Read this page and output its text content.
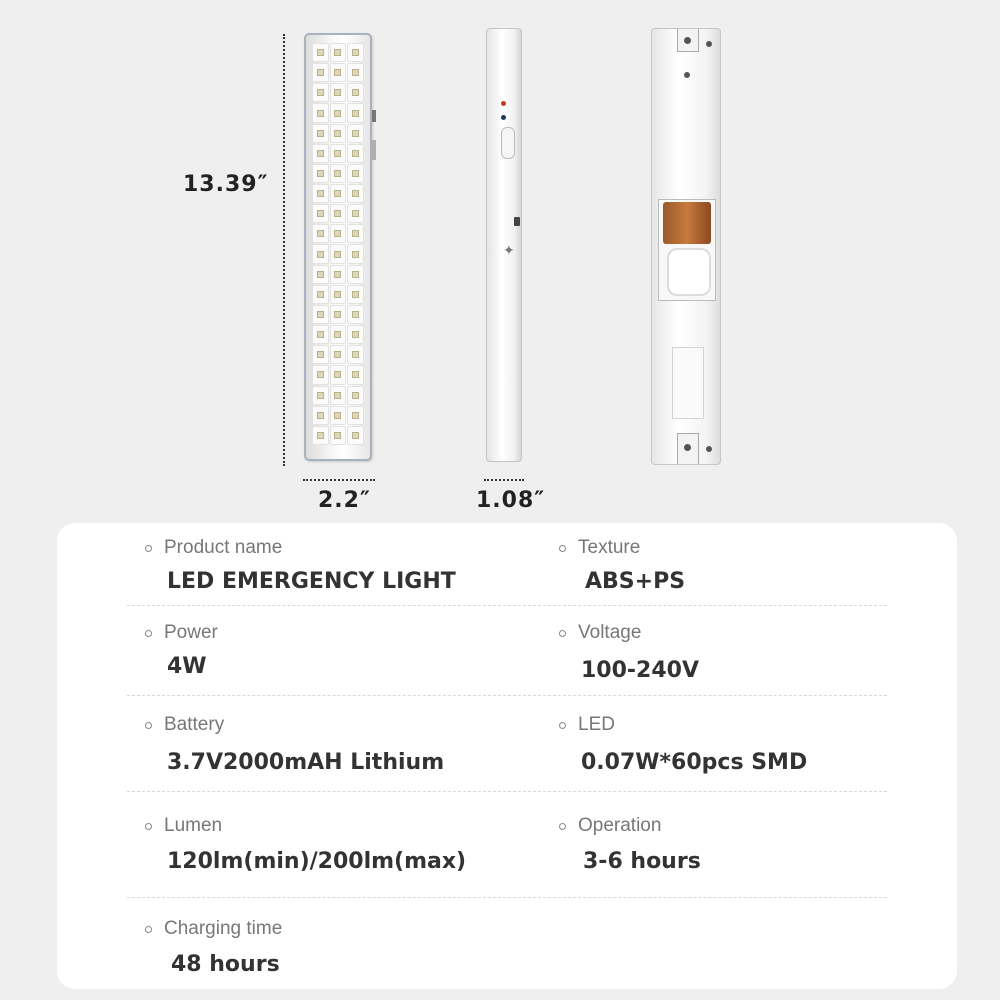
13.39″
2.2″
✦
1.08″
Product name
LED EMERGENCY LIGHT
Texture
ABS+PS
Power
4W
Voltage
100-240V
Battery
3.7V2000mAH Lithium
LED
0.07W*60pcs SMD
Lumen
120lm(min)/200lm(max)
Operation
3-6 hours
Charging time
48 hours
